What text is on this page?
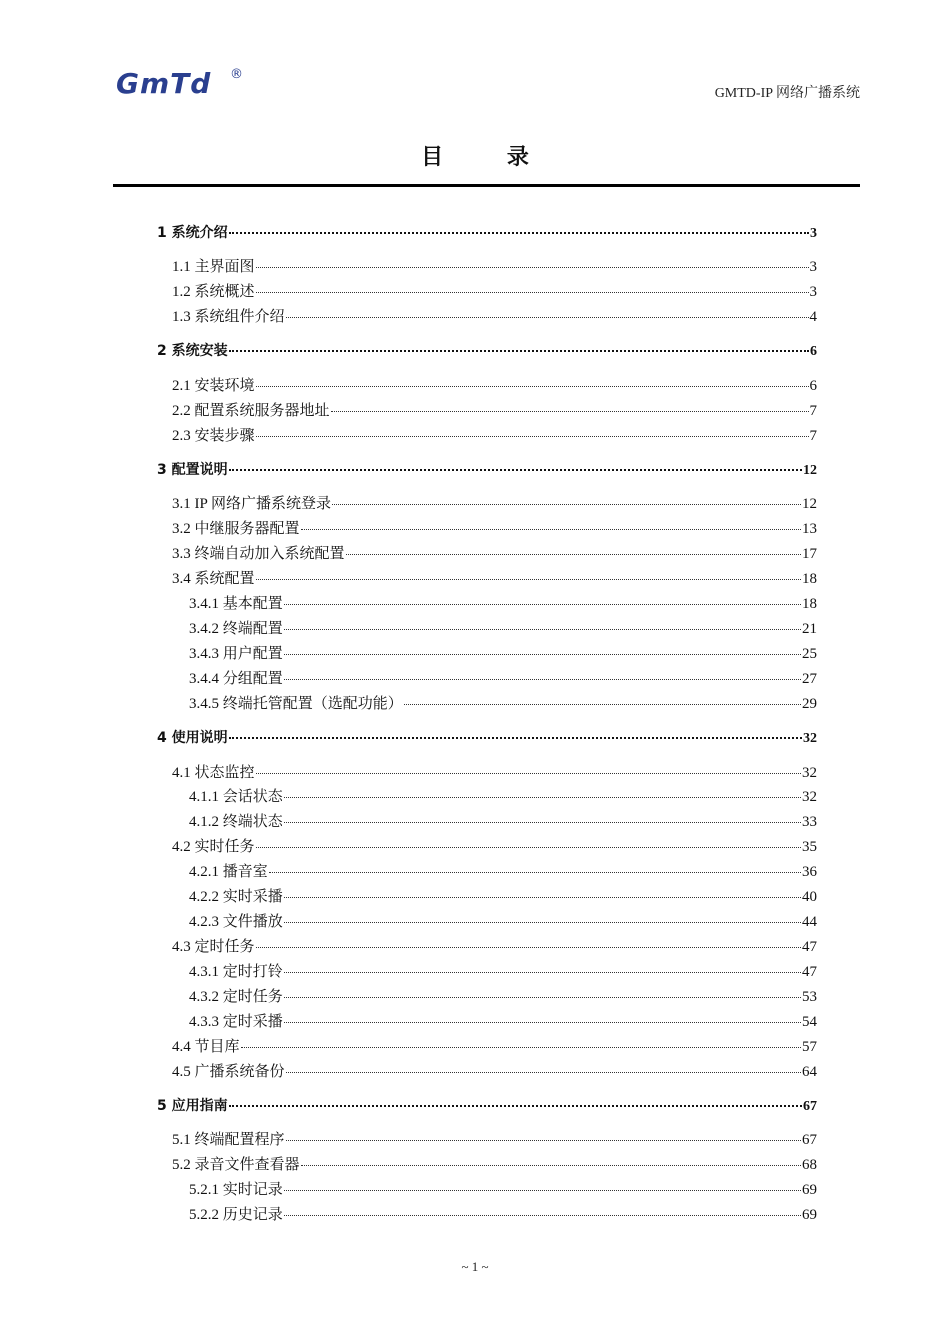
GmTd ®
GMTD-IP 网络广播系统
目 录
1 系统介绍	3
1.1 主界面图	3
1.2 系统概述	3
1.3 系统组件介绍	4
2 系统安装	6
2.1 安装环境	6
2.2 配置系统服务器地址	7
2.3 安装步骤	7
3 配置说明	12
3.1 IP 网络广播系统登录	12
3.2 中继服务器配置	13
3.3 终端自动加入系统配置	17
3.4 系统配置	18
3.4.1 基本配置	18
3.4.2 终端配置	21
3.4.3 用户配置	25
3.4.4 分组配置	27
3.4.5 终端托管配置（选配功能）	29
4 使用说明	32
4.1 状态监控	32
4.1.1 会话状态	32
4.1.2 终端状态	33
4.2 实时任务	35
4.2.1 播音室	36
4.2.2 实时采播	40
4.2.3 文件播放	44
4.3 定时任务	47
4.3.1 定时打铃	47
4.3.2 定时任务	53
4.3.3 定时采播	54
4.4 节目库	57
4.5 广播系统备份	64
5 应用指南	67
5.1 终端配置程序	67
5.2 录音文件查看器	68
5.2.1 实时记录	69
5.2.2 历史记录	69
~ 1 ~
